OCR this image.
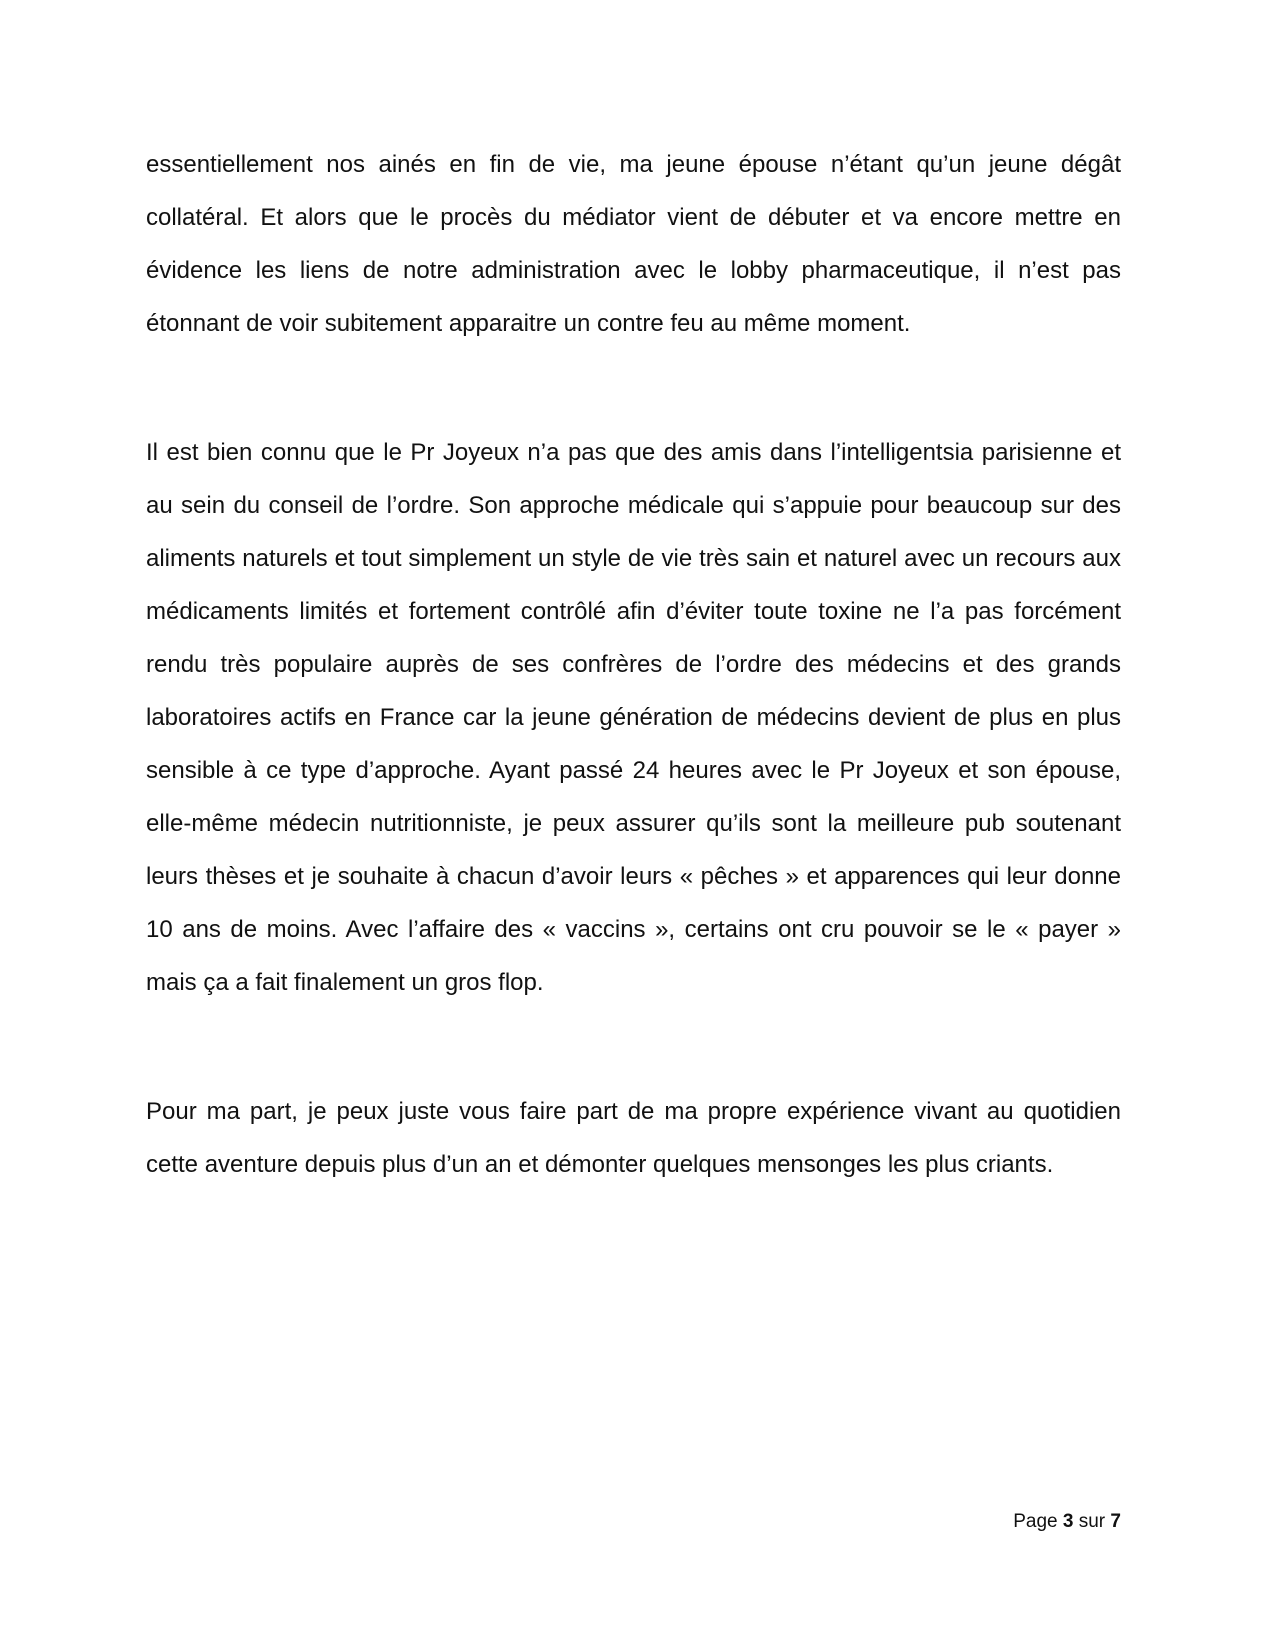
essentiellement nos ainés en fin de vie, ma jeune épouse n’étant qu’un jeune dégât collatéral. Et alors que le procès du médiator vient de débuter et va encore mettre en évidence les liens de notre administration avec le lobby pharmaceutique, il n’est pas étonnant de voir subitement apparaitre un contre feu au même moment.

Il est bien connu que le Pr Joyeux n’a pas que des amis dans l’intelligentsia parisienne et au sein du conseil de l’ordre. Son approche médicale qui s’appuie pour beaucoup sur des aliments naturels et tout simplement un style de vie très sain et naturel avec un recours aux médicaments limités et fortement contrôlé afin d’éviter toute toxine ne l’a pas forcément rendu très populaire auprès de ses confrères de l’ordre des médecins et des grands laboratoires actifs en France car la jeune génération de médecins devient de plus en plus sensible à ce type d’approche. Ayant passé 24 heures avec le Pr Joyeux et son épouse, elle-même médecin nutritionniste, je peux assurer qu’ils sont la meilleure pub soutenant leurs thèses et je souhaite à chacun d’avoir leurs « pêches » et apparences qui leur donne 10 ans de moins. Avec l’affaire des « vaccins », certains ont cru pouvoir se le « payer » mais ça a fait finalement un gros flop.

Pour ma part, je peux juste vous faire part de ma propre expérience vivant au quotidien cette aventure depuis plus d’un an et démonter quelques mensonges les plus criants.

Page 3 sur 7
